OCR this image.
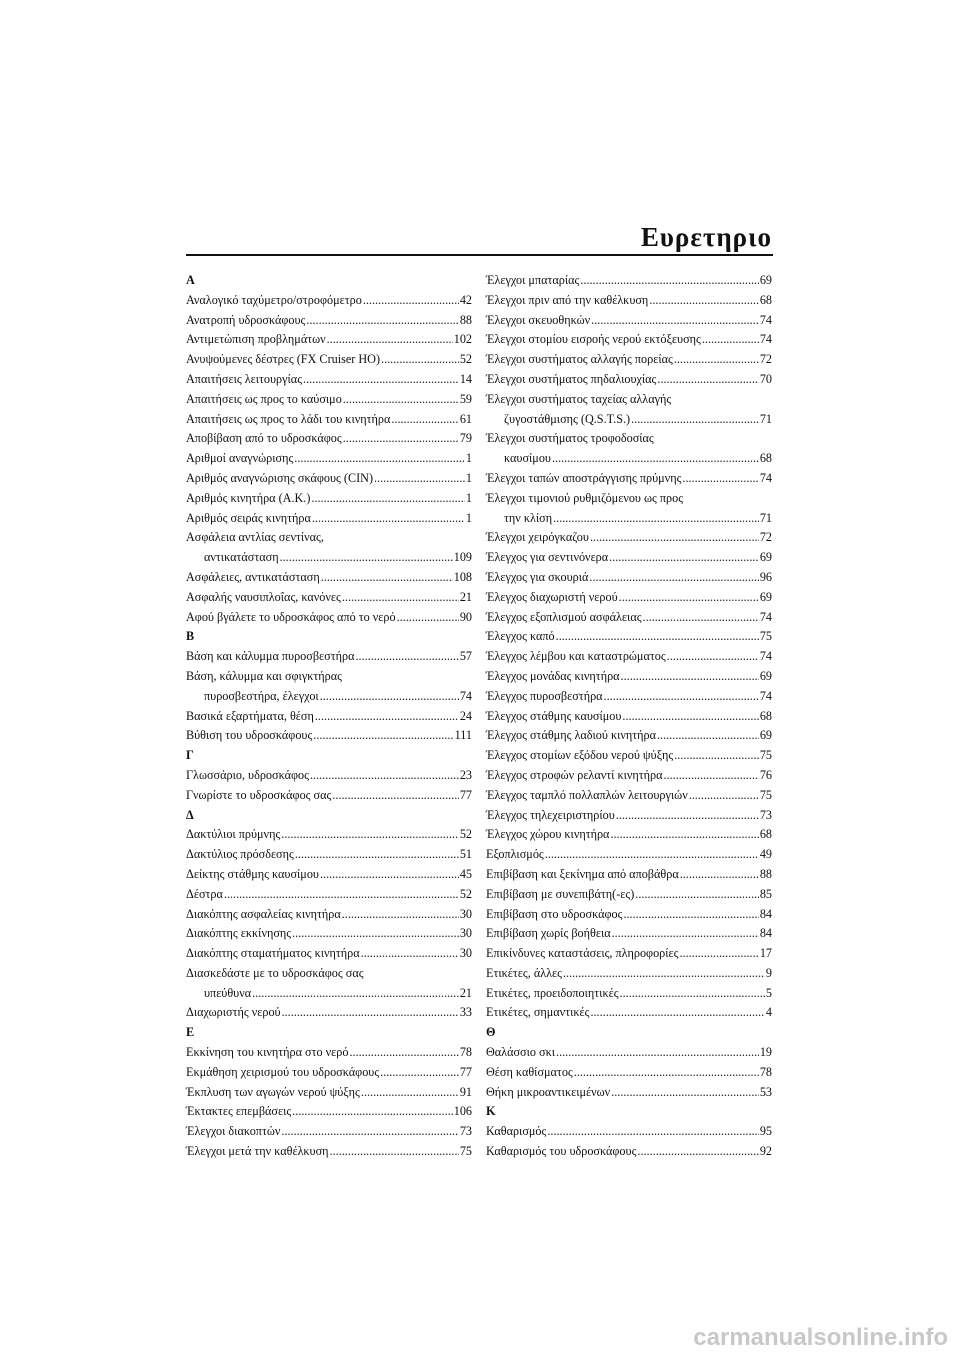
Ευρετηριο
Α
Αναλογικό ταχύμετρο/στροφόμετρο .....	42
Ανατροπή υδροσκάφους .....	88
Αντιμετώπιση προβλημάτων .....	102
Ανυψούμενες δέστρες (FX Cruiser HO) .....	52
Απαιτήσεις λειτουργίας .....	14
Απαιτήσεις ως προς το καύσιμο .....	59
Απαιτήσεις ως προς το λάδι του κινητήρα .....	61
Αποβίβαση από το υδροσκάφος .....	79
Αριθμοί αναγνώρισης .....	1
Αριθμός αναγνώρισης σκάφους (CIN) .....	1
Αριθμός κινητήρα (Α.Κ.) .....	1
Αριθμός σειράς κινητήρα .....	1
Ασφάλεια αντλίας σεντίνας,
αντικατάσταση .....	109
Ασφάλειες, αντικατάσταση .....	108
Ασφαλής ναυσιπλοΐας, κανόνες .....	21
Αφού βγάλετε το υδροσκάφος από το νερό .....	90
Β
Βάση και κάλυμμα πυροσβεστήρα .....	57
Βάση, κάλυμμα και σφιγκτήρας
πυροσβεστήρα, έλεγχοι .....	74
Βασικά εξαρτήματα, θέση .....	24
Βύθιση του υδροσκάφους .....	111
Γ
Γλωσσάριο, υδροσκάφος .....	23
Γνωρίστε το υδροσκάφος σας .....	77
Δ
Δακτύλιοι πρύμνης .....	52
Δακτύλιος πρόσδεσης .....	51
Δείκτης στάθμης καυσίμου .....	45
Δέστρα .....	52
Διακόπτης ασφαλείας κινητήρα .....	30
Διακόπτης εκκίνησης .....	30
Διακόπτης σταματήματος κινητήρα .....	30
Διασκεδάστε με το υδροσκάφος σας
υπεύθυνα .....	21
Διαχωριστής νερού .....	33
Ε
Εκκίνηση του κινητήρα στο νερό .....	78
Εκμάθηση χειρισμού του υδροσκάφους .....	77
Έκπλυση των αγωγών νερού ψύξης .....	91
Έκτακτες επεμβάσεις .....	106
Έλεγχοι διακοπτών .....	73
Έλεγχοι μετά την καθέλκυση .....	75
Έλεγχοι μπαταρίας .....	69
Έλεγχοι πριν από την καθέλκυση .....	68
Έλεγχοι σκευοθηκών .....	74
Έλεγχοι στομίου εισροής νερού εκτόξευσης .....	74
Έλεγχοι συστήματος αλλαγής πορείας .....	72
Έλεγχοι συστήματος πηδαλιουχίας .....	70
Έλεγχοι συστήματος ταχείας αλλαγής
ζυγοστάθμισης (Q.S.T.S.) .....	71
Έλεγχοι συστήματος τροφοδοσίας
καυσίμου .....	68
Έλεγχοι ταπών αποστράγγισης πρύμνης .....	74
Έλεγχοι τιμονιού ρυθμιζόμενου ως προς
την κλίση .....	71
Έλεγχοι χειρόγκαζου .....	72
Έλεγχος για σεντινόνερα .....	69
Έλεγχος για σκουριά .....	96
Έλεγχος διαχωριστή νερού .....	69
Έλεγχος εξοπλισμού ασφάλειας .....	74
Έλεγχος καπό .....	75
Έλεγχος λέμβου και καταστρώματος .....	74
Έλεγχος μονάδας κινητήρα .....	69
Έλεγχος πυροσβεστήρα .....	74
Έλεγχος στάθμης καυσίμου .....	68
Έλεγχος στάθμης λαδιού κινητήρα .....	69
Έλεγχος στομίων εξόδου νερού ψύξης .....	75
Έλεγχος στροφών ρελαντί κινητήρα .....	76
Έλεγχος ταμπλό πολλαπλών λειτουργιών .....	75
Έλεγχος τηλεχειριστηρίου .....	73
Έλεγχος χώρου κινητήρα .....	68
Εξοπλισμός .....	49
Επιβίβαση και ξεκίνημα από αποβάθρα .....	88
Επιβίβαση με συνεπιβάτη(-ες) .....	85
Επιβίβαση στο υδροσκάφος .....	84
Επιβίβαση χωρίς βοήθεια .....	84
Επικίνδυνες καταστάσεις, πληροφορίες .....	17
Ετικέτες, άλλες .....	9
Ετικέτες, προειδοποιητικές .....	5
Ετικέτες, σημαντικές .....	4
Θ
Θαλάσσιο σκι .....	19
Θέση καθίσματος .....	78
Θήκη μικροαντικειμένων .....	53
Κ
Καθαρισμός .....	95
Καθαρισμός του υδροσκάφους .....	92
carmanualsonline.info
